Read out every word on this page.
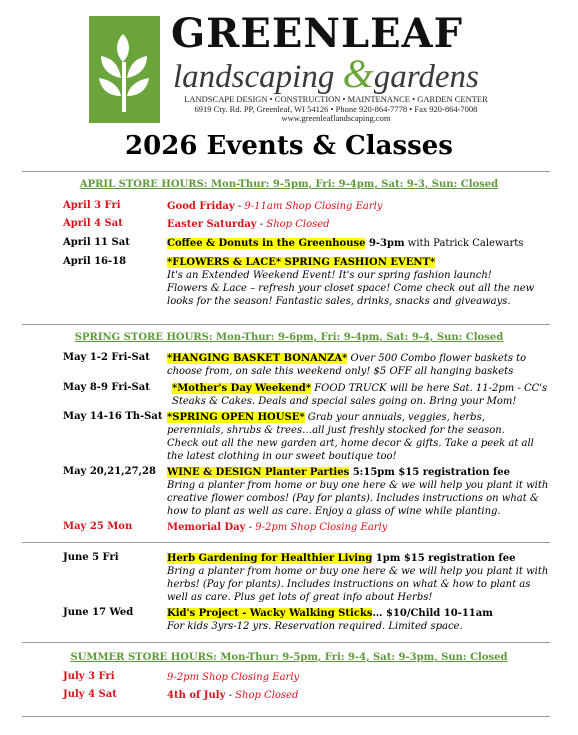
GREENLEAF
landscaping &gardens
LANDSCAPE DESIGN • CONSTRUCTION • MAINTENANCE • GARDEN CENTER
6919 Cty. Rd. PP, Greenleaf, WI 54126 • Phone 920-864-7778 • Fax 920-864-7008
www.greenleaflandscaping.com
2026 Events & Classes
APRIL STORE HOURS: Mon-Thur: 9-5pm, Fri: 9-4pm, Sat: 9-3, Sun: Closed
April 3 Fri	Good Friday - 9-11am Shop Closing Early
April 4 Sat	Easter Saturday - Shop Closed
April 11 Sat	Coffee & Donuts in the Greenhouse 9-3pm with Patrick Calewarts
April 16-18	*FLOWERS & LACE* SPRING FASHION EVENT*
It's an Extended Weekend Event! It's our spring fashion launch!
Flowers & Lace – refresh your closet space! Come check out all the new
looks for the season! Fantastic sales, drinks, snacks and giveaways.
SPRING STORE HOURS: Mon-Thur: 9-6pm, Fri: 9-4pm, Sat: 9-4, Sun: Closed
May 1-2 Fri-Sat *HANGING BASKET BONANZA* Over 500 Combo flower baskets to
choose from, on sale this weekend only! $5 OFF all hanging baskets
May 8-9 Fri-Sat *Mother's Day Weekend* FOOD TRUCK will be here Sat. 11-2pm - CC's
Steaks & Cakes. Deals and special sales going on. Bring your Mom!
May 14-16 Th-Sat *SPRING OPEN HOUSE* Grab your annuals, veggies, herbs,
perennials, shrubs & trees…all just freshly stocked for the season.
Check out all the new garden art, home decor & gifts. Take a peek at all
the latest clothing in our sweet boutique too!
May 20,21,27,28 WINE & DESIGN Planter Parties 5:15pm $15 registration fee
Bring a planter from home or buy one here & we will help you plant it with
creative flower combos! (Pay for plants). Includes instructions on what &
how to plant as well as care. Enjoy a glass of wine while planting.
May 25 Mon	Memorial Day - 9-2pm Shop Closing Early
June 5 Fri	Herb Gardening for Healthier Living 1pm $15 registration fee
Bring a planter from home or buy one here & we will help you plant it with
herbs! (Pay for plants). Includes instructions on what & how to plant as
well as care. Plus get lots of great info about Herbs!
June 17 Wed	Kid's Project - Wacky Walking Sticks… $10/Child 10-11am
For kids 3yrs-12 yrs. Reservation required. Limited space.
SUMMER STORE HOURS: Mon-Thur: 9-5pm, Fri: 9-4, Sat: 9-3pm, Sun: Closed
July 3 Fri	9-2pm Shop Closing Early
July 4 Sat	4th of July - Shop Closed
